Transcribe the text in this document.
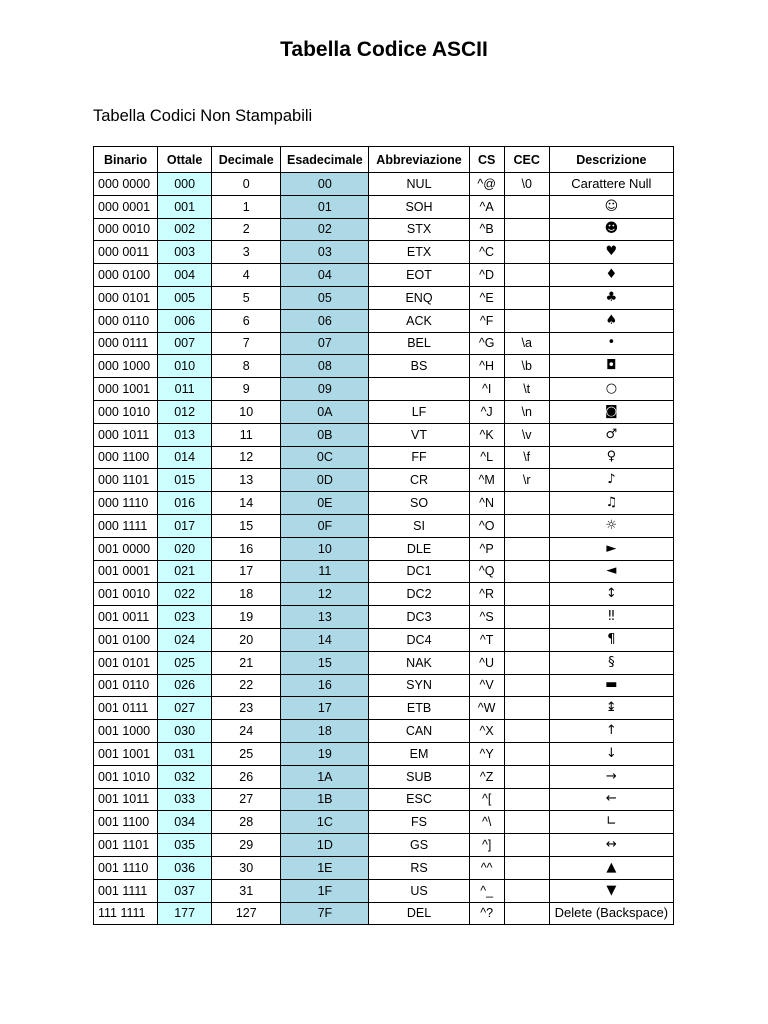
Tabella Codice ASCII
Tabella Codici Non Stampabili
Binario	Ottale	Decimale	Esadecimale	Abbreviazione	CS	CEC	Descrizione
000 0000	000	0	00	NUL	^@	\0	Carattere Null
000 0001	001	1	01	SOH	^A		☺
000 0010	002	2	02	STX	^B		☻
000 0011	003	3	03	ETX	^C		♥
000 0100	004	4	04	EOT	^D		♦
000 0101	005	5	05	ENQ	^E		♣
000 0110	006	6	06	ACK	^F		♠
000 0111	007	7	07	BEL	^G	\a	•
000 1000	010	8	08	BS	^H	\b	◘
000 1001	011	9	09		^I	\t	○
000 1010	012	10	0A	LF	^J	\n	◙
000 1011	013	11	0B	VT	^K	\v	♂
000 1100	014	12	0C	FF	^L	\f	♀
000 1101	015	13	0D	CR	^M	\r	♪
000 1110	016	14	0E	SO	^N		♫
000 1111	017	15	0F	SI	^O		☼
001 0000	020	16	10	DLE	^P		►
001 0001	021	17	11	DC1	^Q		◄
001 0010	022	18	12	DC2	^R		↕
001 0011	023	19	13	DC3	^S		‼
001 0100	024	20	14	DC4	^T		¶
001 0101	025	21	15	NAK	^U		§
001 0110	026	22	16	SYN	^V		▬
001 0111	027	23	17	ETB	^W		↨
001 1000	030	24	18	CAN	^X		↑
001 1001	031	25	19	EM	^Y		↓
001 1010	032	26	1A	SUB	^Z		→
001 1011	033	27	1B	ESC	^[		←
001 1100	034	28	1C	FS	^\		∟
001 1101	035	29	1D	GS	^]		↔
001 1110	036	30	1E	RS	^^		▲
001 1111	037	31	1F	US	^_		▼
111 1111	177	127	7F	DEL	^?		Delete (Backspace)
